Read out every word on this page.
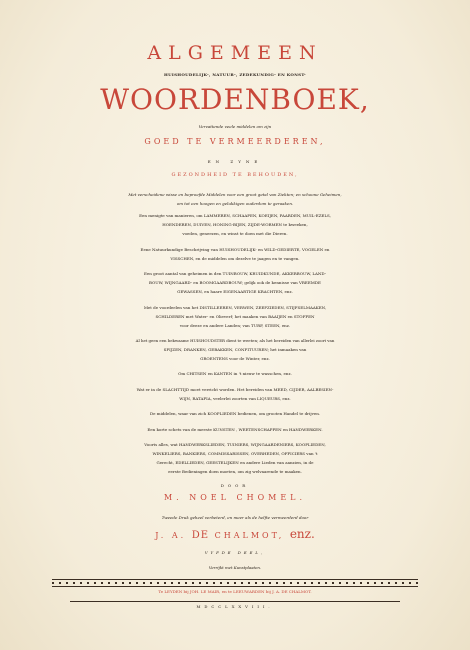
ALGEMEEN
HUISHOUDELIJK-, NATUUR-, ZEDEKUNDIG- EN KONST-
WOORDENBOEK,
Vervattende veele middelen om zijn
GOED TE VERMEERDEREN,
EN ZYNE
GEZONDHEID TE BEHOUDEN,
Met verscheidene wisse en beproefde Middelen voor een groot getal van Ziekten; en schoone Geheimen,
om tot een hoogen en gelukkigen ouderdom te geraaken.
Een menigte van manieren, om LAMMEREN, SCHAAPEN, KOEIJEN, PAARDEN, MUIL-EZELS,
HOENDEREN, DUIVEN, HONING-BIJEN, ZIJDE-WORMEN te kweeken,
voeden, geneezen, en winst te doen met die Dieren.
Eene Natuurkundige Beschrijving van HUISHOUDELIJK- en WILD-GEDIERTE, VOGELEN en
VISSCHEN, en de middelen om dezelve te jaagen en te vangen.
Een groot aantal van geheimen in den TUINBOUW, KRUIDKUNDE, AKKERBOUW, LAND-
BOUW, WIJNGAARD- en BOOMGAARDBOUW; gelijk ook de kennisse van VREEMDE
GEWASSEN, en haare EIGENAARTIGE KRACHTEN, enz.
Met de voordeelen van het DISTILLEEREN, VERWEN, ZEEPZIEDEN, STIJFSELMAAKEN,
SCHILDEREN met Water- en Olieverf; het maaken van BAAIJEN en STOFFEN
voor deeze en andere Landen; van TURF, STEEN, enz.
Al het geen een bekwaame HUISHOUDSTER dient te weeten; als het bereiden van allerlei zoort van
SPIJZEN, DRANKEN, GEBAKKEN, CONFITUUREN; het inmaaken van
GROENTENS voor de Winter, enz.
Om CHITSEN en KANTEN in 't nieuw te wasschen, enz.
Wat er in de SLACHTTIJD moet verricht worden. Het bereiden van MEED, CIJDER, AALBESIEN-
WIJN, RATAFIA, veelerlei zoorten van LIQUEURS, enz.
De middelen, waar van zich KOOPLIEDEN bedienen, om grooten Handel te drijven.
Een korte schets van de meeste KUNSTEN , WEETENSCHAPPEN en HANDWERKEN.
Voorts alles, wat HANDWERKSLIEDEN, TUINIERS, WIJNGAARDENIERS, KOOPLIEDEN,
WINKELIERS, BANKIERS, COMMISSARISSEN, OVERHEDEN, OFFICIERS van 't
Gerecht, EDELLIEDEN, GEESTELIJKEN en andere Lieden van aanzien, in de
eerste Bedieningen doen moeten, om zig welvaarende te maaken.
DOOR
M. NOEL CHOMEL.
Tweede Druk geheel verbeterd, en meer als de helfte vermeerderd door
J. A. DE CHALMOT, enz.
VYFDE DEEL,
Verrijkt met Kunstplaaten.
Te LEYDEN bij JOH. LE MAIR, en te LEEUWARDEN bij J. A. DE CHALMOT.
MDCCLXXVIII.
